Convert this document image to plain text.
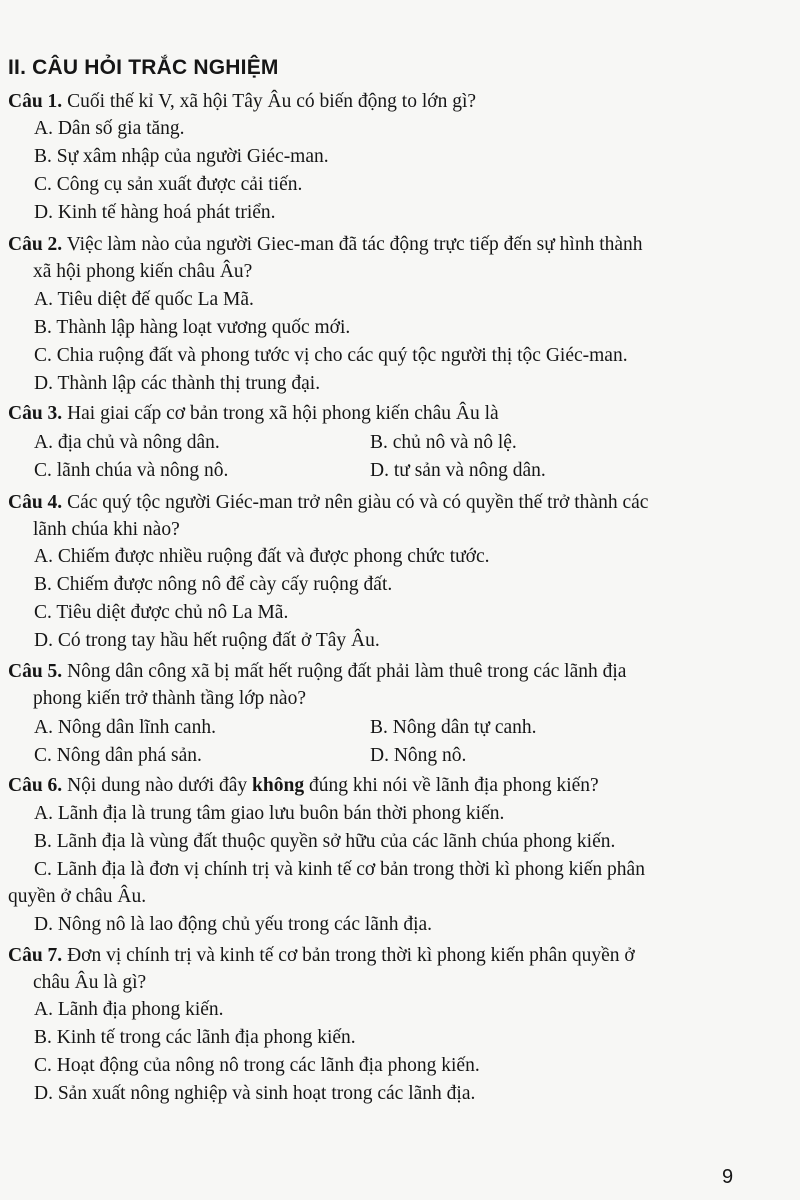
II. CÂU HỎI TRẮC NGHIỆM
Câu 1. Cuối thế kỉ V, xã hội Tây Âu có biến động to lớn gì?
A. Dân số gia tăng.
B. Sự xâm nhập của người Giéc-man.
C. Công cụ sản xuất được cải tiến.
D. Kinh tế hàng hoá phát triển.
Câu 2. Việc làm nào của người Giec-man đã tác động trực tiếp đến sự hình thành
xã hội phong kiến châu Âu?
A. Tiêu diệt đế quốc La Mã.
B. Thành lập hàng loạt vương quốc mới.
C. Chia ruộng đất và phong tước vị cho các quý tộc người thị tộc Giéc-man.
D. Thành lập các thành thị trung đại.
Câu 3. Hai giai cấp cơ bản trong xã hội phong kiến châu Âu là
A. địa chủ và nông dân.	B. chủ nô và nô lệ.
C. lãnh chúa và nông nô.	D. tư sản và nông dân.
Câu 4. Các quý tộc người Giéc-man trở nên giàu có và có quyền thế trở thành các
lãnh chúa khi nào?
A. Chiếm được nhiều ruộng đất và được phong chức tước.
B. Chiếm được nông nô để cày cấy ruộng đất.
C. Tiêu diệt được chủ nô La Mã.
D. Có trong tay hầu hết ruộng đất ở Tây Âu.
Câu 5. Nông dân công xã bị mất hết ruộng đất phải làm thuê trong các lãnh địa
phong kiến trở thành tầng lớp nào?
A. Nông dân lĩnh canh.	B. Nông dân tự canh.
C. Nông dân phá sản.	D. Nông nô.
Câu 6. Nội dung nào dưới đây không đúng khi nói về lãnh địa phong kiến?
A. Lãnh địa là trung tâm giao lưu buôn bán thời phong kiến.
B. Lãnh địa là vùng đất thuộc quyền sở hữu của các lãnh chúa phong kiến.
C. Lãnh địa là đơn vị chính trị và kinh tế cơ bản trong thời kì phong kiến phân
quyền ở châu Âu.
D. Nông nô là lao động chủ yếu trong các lãnh địa.
Câu 7. Đơn vị chính trị và kinh tế cơ bản trong thời kì phong kiến phân quyền ở
châu Âu là gì?
A. Lãnh địa phong kiến.
B. Kinh tế trong các lãnh địa phong kiến.
C. Hoạt động của nông nô trong các lãnh địa phong kiến.
D. Sản xuất nông nghiệp và sinh hoạt trong các lãnh địa.
9
